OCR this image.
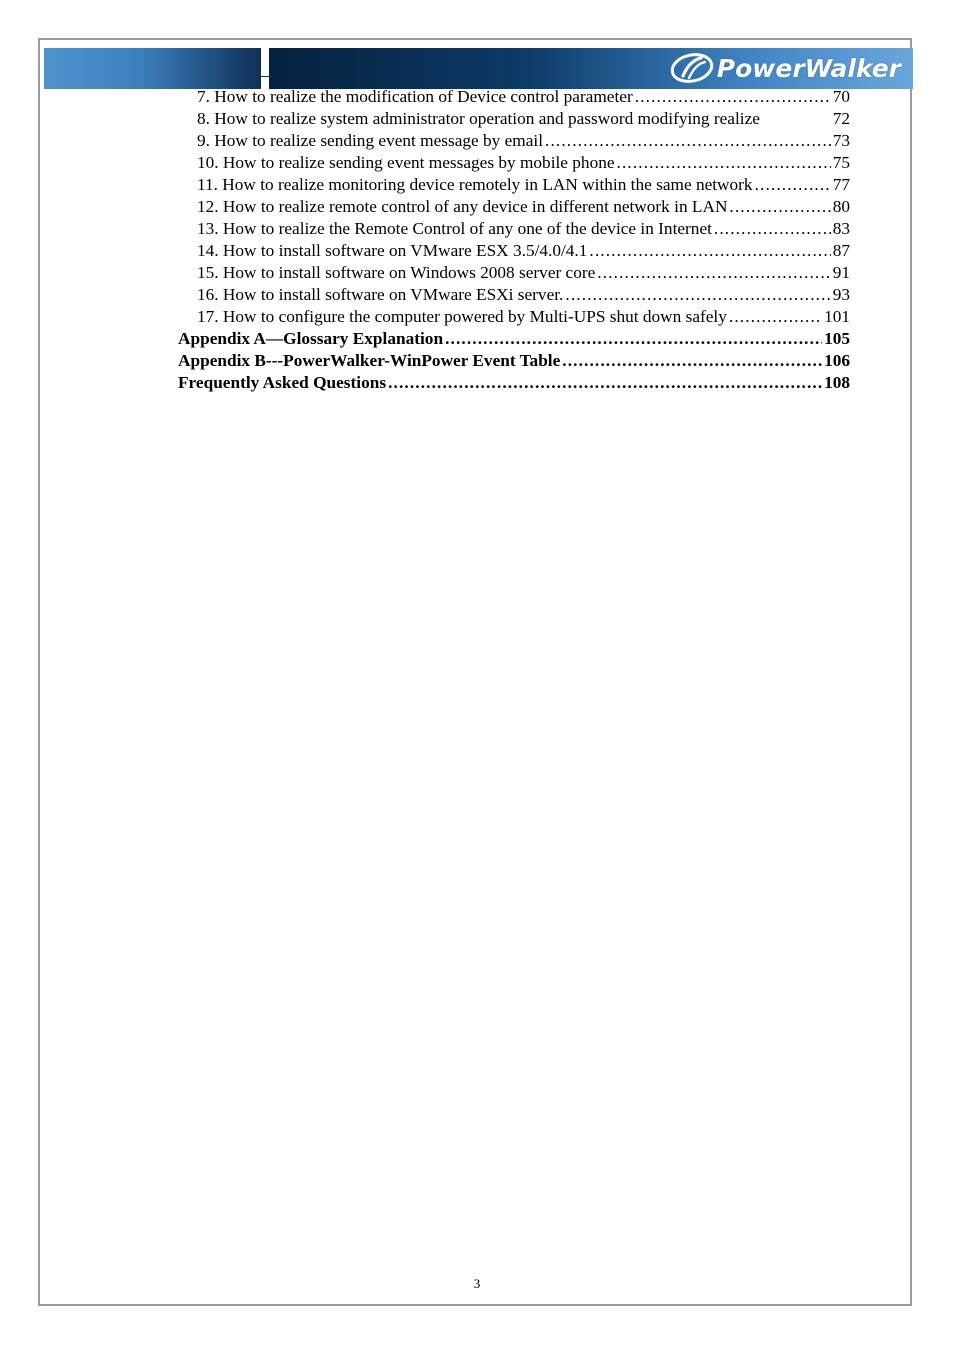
PowerWalker
7. How to realize the modification of Device control parameter . . .	70
8. How to realize system administrator operation and password modifying realize	72
9. How to realize sending event message by email . . .	73
10. How to realize sending event messages by mobile phone . . .	75
11. How to realize monitoring device remotely in LAN within the same network . . .	77
12. How to realize remote control of any device in different network in LAN . . .	80
13. How to realize the Remote Control of any one of the device in Internet . . .	83
14. How to install software on VMware ESX 3.5/4.0/4.1 . . .	87
15. How to install software on Windows 2008 server core . . .	91
16. How to install software on VMware ESXi server. . . .	93
17. How to configure the computer powered by Multi-UPS shut down safely . . .	101
Appendix A—Glossary Explanation . . .	105
Appendix B---PowerWalker-WinPower Event Table . . .	106
Frequently Asked Questions . . .	108
3
